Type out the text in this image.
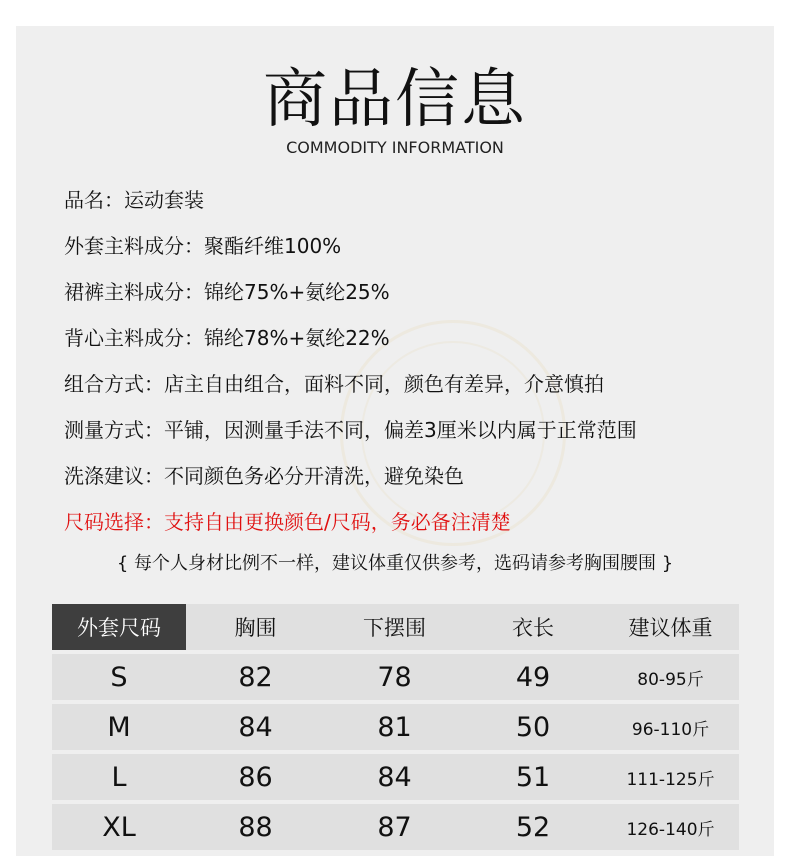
商品信息
COMMODITY INFORMATION
品名：运动套装
外套主料成分：聚酯纤维100%
裙裤主料成分：锦纶75%+氨纶25%
背心主料成分：锦纶78%+氨纶22%
组合方式：店主自由组合，面料不同，颜色有差异，介意慎拍
测量方式：平铺，因测量手法不同，偏差3厘米以内属于正常范围
洗涤建议：不同颜色务必分开清洗，避免染色
尺码选择：支持自由更换颜色/尺码，务必备注清楚
{ 每个人身材比例不一样，建议体重仅供参考，选码请参考胸围腰围 }
外套尺码	胸围	下摆围	衣长	建议体重
S	82	78	49	80-95斤
M	84	81	50	96-110斤
L	86	84	51	111-125斤
XL	88	87	52	126-140斤
